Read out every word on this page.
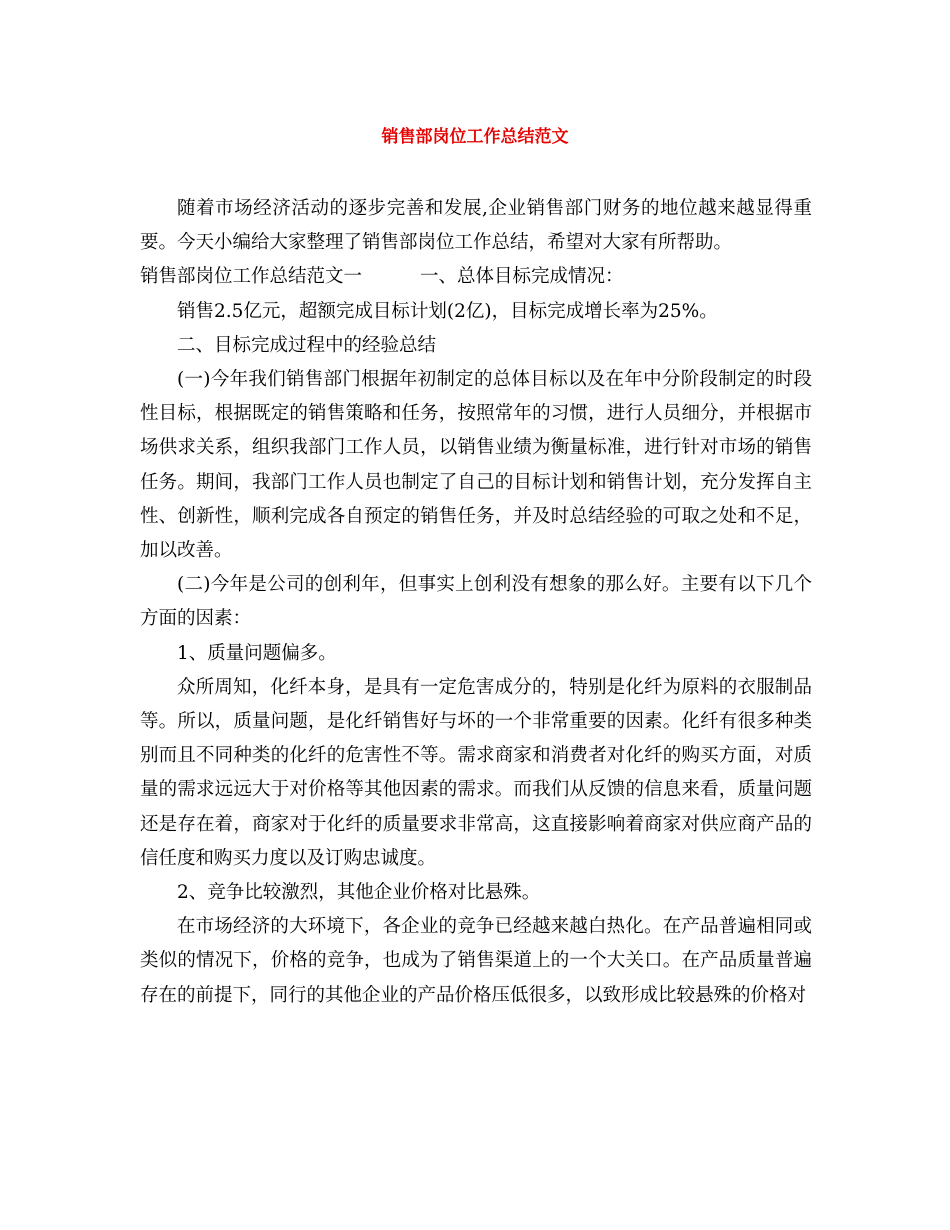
销售部岗位工作总结范文

随着市场经济活动的逐步完善和发展,企业销售部门财务的地位越来越显得重要。今天小编给大家整理了销售部岗位工作总结，希望对大家有所帮助。

销售部岗位工作总结范文一	一、总体目标完成情况：

销售2.5亿元，超额完成目标计划(2亿)，目标完成增长率为25%。

二、目标完成过程中的经验总结

(一)今年我们销售部门根据年初制定的总体目标以及在年中分阶段制定的时段性目标，根据既定的销售策略和任务，按照常年的习惯，进行人员细分，并根据市场供求关系，组织我部门工作人员，以销售业绩为衡量标准，进行针对市场的销售任务。期间，我部门工作人员也制定了自己的目标计划和销售计划，充分发挥自主性、创新性，顺利完成各自预定的销售任务，并及时总结经验的可取之处和不足，加以改善。

(二)今年是公司的创利年，但事实上创利没有想象的那么好。主要有以下几个方面的因素：

1、质量问题偏多。

众所周知，化纤本身，是具有一定危害成分的，特别是化纤为原料的衣服制品等。所以，质量问题，是化纤销售好与坏的一个非常重要的因素。化纤有很多种类别而且不同种类的化纤的危害性不等。需求商家和消费者对化纤的购买方面，对质量的需求远远大于对价格等其他因素的需求。而我们从反馈的信息来看，质量问题还是存在着，商家对于化纤的质量要求非常高，这直接影响着商家对供应商产品的信任度和购买力度以及订购忠诚度。

2、竞争比较激烈，其他企业价格对比悬殊。

在市场经济的大环境下，各企业的竞争已经越来越白热化。在产品普遍相同或类似的情况下，价格的竞争，也成为了销售渠道上的一个大关口。在产品质量普遍存在的前提下，同行的其他企业的产品价格压低很多，以致形成比较悬殊的价格对
